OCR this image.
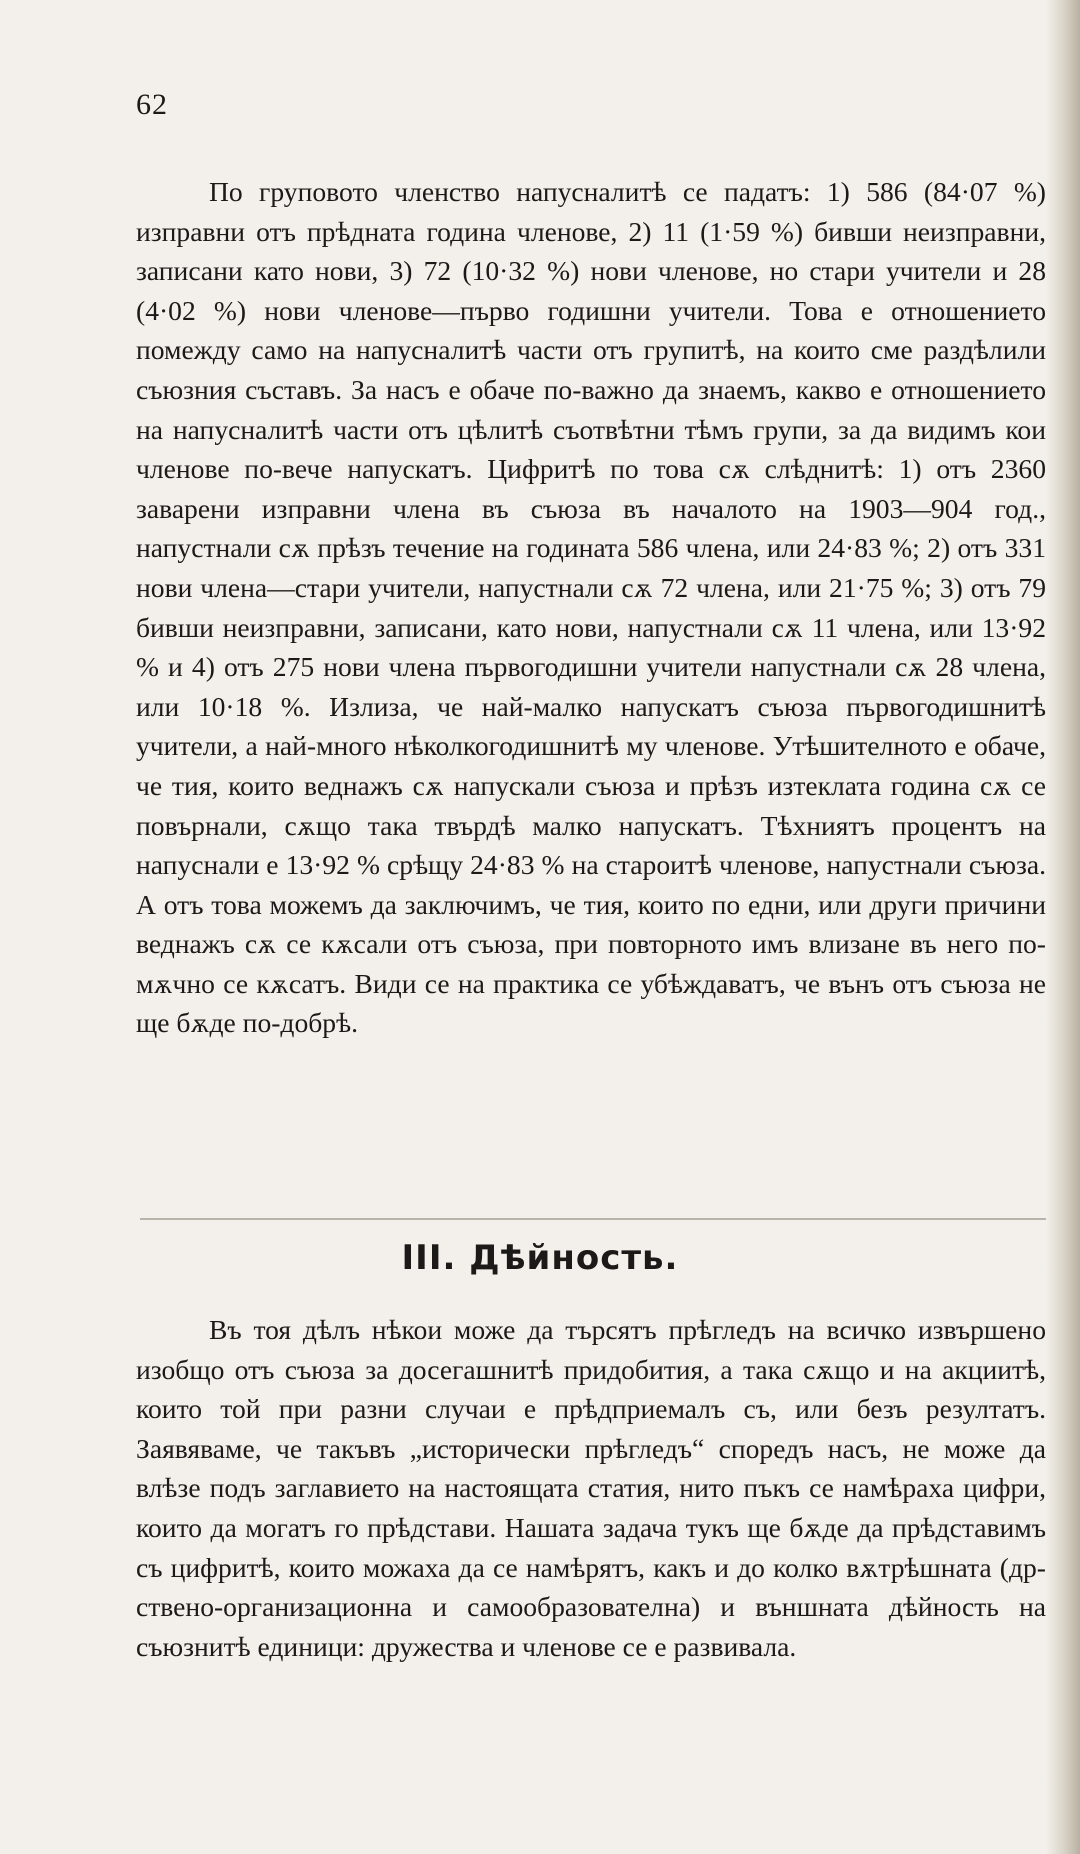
62

По груповото членство напусналитѣ се падатъ: 1) 586 (84·07 %) изправни отъ прѣдната година членове, 2) 11 (1·59 %) бивши неизправни, записани като нови, 3) 72 (10·32 %) нови членове, но стари учители и 28 (4·02 %) нови членове—първо годишни учители. Това е отношението помежду само на напусналитѣ части отъ групитѣ, на които сме раздѣлили съюзния съставъ. За насъ е обаче по-важно да знаемъ, какво е отношението на напусналитѣ части отъ цѣлитѣ съотвѣтни тѣмъ групи, за да видимъ кои членове по-вече напускатъ. Цифритѣ по това сѫ слѣднитѣ: 1) отъ 2360 заварени изправни члена въ съюза въ началото на 1903—904 год., напустнали сѫ прѣзъ течение на годината 586 члена, или 24·83 %; 2) отъ 331 нови члена—стари учители, напустнали сѫ 72 члена, или 21·75 %; 3) отъ 79 бивши неизправни, записани, като нови, напустнали сѫ 11 члена, или 13·92 % и 4) отъ 275 нови члена първогодишни учители напустнали сѫ 28 члена, или 10·18 %. Излиза, че най-малко напускатъ съюза първогодишнитѣ учители, а най-много нѣколкогодишнитѣ му членове. Утѣшителното е обаче, че тия, които веднажъ сѫ напускали съюза и прѣзъ изтеклата година сѫ се повърнали, сѫщо така твърдѣ малко напускатъ. Тѣхниятъ процентъ на напуснали е 13·92 % срѣщу 24·83 % на староитѣ членове, напустнали съюза. А отъ това можемъ да заключимъ, че тия, които по едни, или други причини веднажъ сѫ се кѫсали отъ съюза, при повторното имъ влизане въ него по-мѫчно се кѫсатъ. Види се на практика се убѣждаватъ, че вънъ отъ съюза не ще бѫде по-добрѣ.

III. Дѣйность.

Въ тоя дѣлъ нѣкои може да търсятъ прѣгледъ на всичко извършено изобщо отъ съюза за досегашнитѣ придобития, а така сѫщо и на акциитѣ, които той при разни случаи е прѣдприемалъ съ, или безъ резултатъ. Заявяваме, че такъвъ „исторически прѣгледъ“ споредъ насъ, не може да влѣзе подъ заглавието на настоящата статия, нито пъкъ се намѣраха цифри, които да могатъ го прѣдстави. Нашата задача тукъ ще бѫде да прѣдставимъ съ цифритѣ, които можаха да се намѣрятъ, какъ и до колко вѫтрѣшната (др-ствено-организационна и самообразователна) и външната дѣйность на съюзнитѣ единици: дружества и членове се е развивала.
